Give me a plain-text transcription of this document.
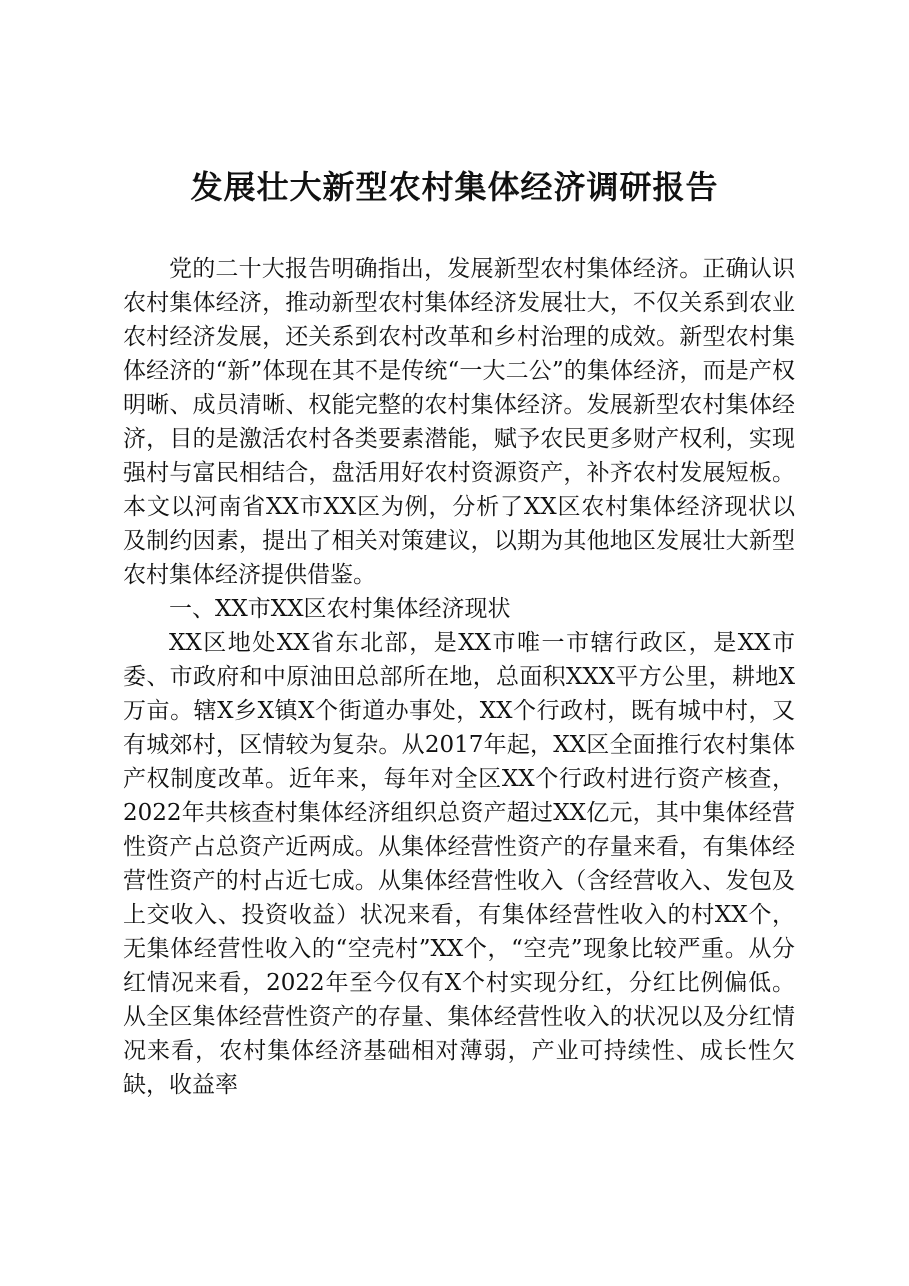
发展壮大新型农村集体经济调研报告

党的二十大报告明确指出，发展新型农村集体经济。正确认识农村集体经济，推动新型农村集体经济发展壮大，不仅关系到农业农村经济发展，还关系到农村改革和乡村治理的成效。新型农村集体经济的“新”体现在其不是传统“一大二公”的集体经济，而是产权明晰、成员清晰、权能完整的农村集体经济。发展新型农村集体经济，目的是激活农村各类要素潜能，赋予农民更多财产权利，实现强村与富民相结合，盘活用好农村资源资产，补齐农村发展短板。本文以河南省XX市XX区为例，分析了XX区农村集体经济现状以及制约因素，提出了相关对策建议，以期为其他地区发展壮大新型农村集体经济提供借鉴。

一、XX市XX区农村集体经济现状

XX区地处XX省东北部，是XX市唯一市辖行政区，是XX市委、市政府和中原油田总部所在地，总面积XXX平方公里，耕地X万亩。辖X乡X镇X个街道办事处，XX个行政村，既有城中村，又有城郊村，区情较为复杂。从2017年起，XX区全面推行农村集体产权制度改革。近年来，每年对全区XX个行政村进行资产核查，2022年共核查村集体经济组织总资产超过XX亿元，其中集体经营性资产占总资产近两成。从集体经营性资产的存量来看，有集体经营性资产的村占近七成。从集体经营性收入（含经营收入、发包及上交收入、投资收益）状况来看，有集体经营性收入的村XX个，无集体经营性收入的“空壳村”XX个，“空壳”现象比较严重。从分红情况来看，2022年至今仅有X个村实现分红，分红比例偏低。从全区集体经营性资产的存量、集体经营性收入的状况以及分红情况来看，农村集体经济基础相对薄弱，产业可持续性、成长性欠缺，收益率
